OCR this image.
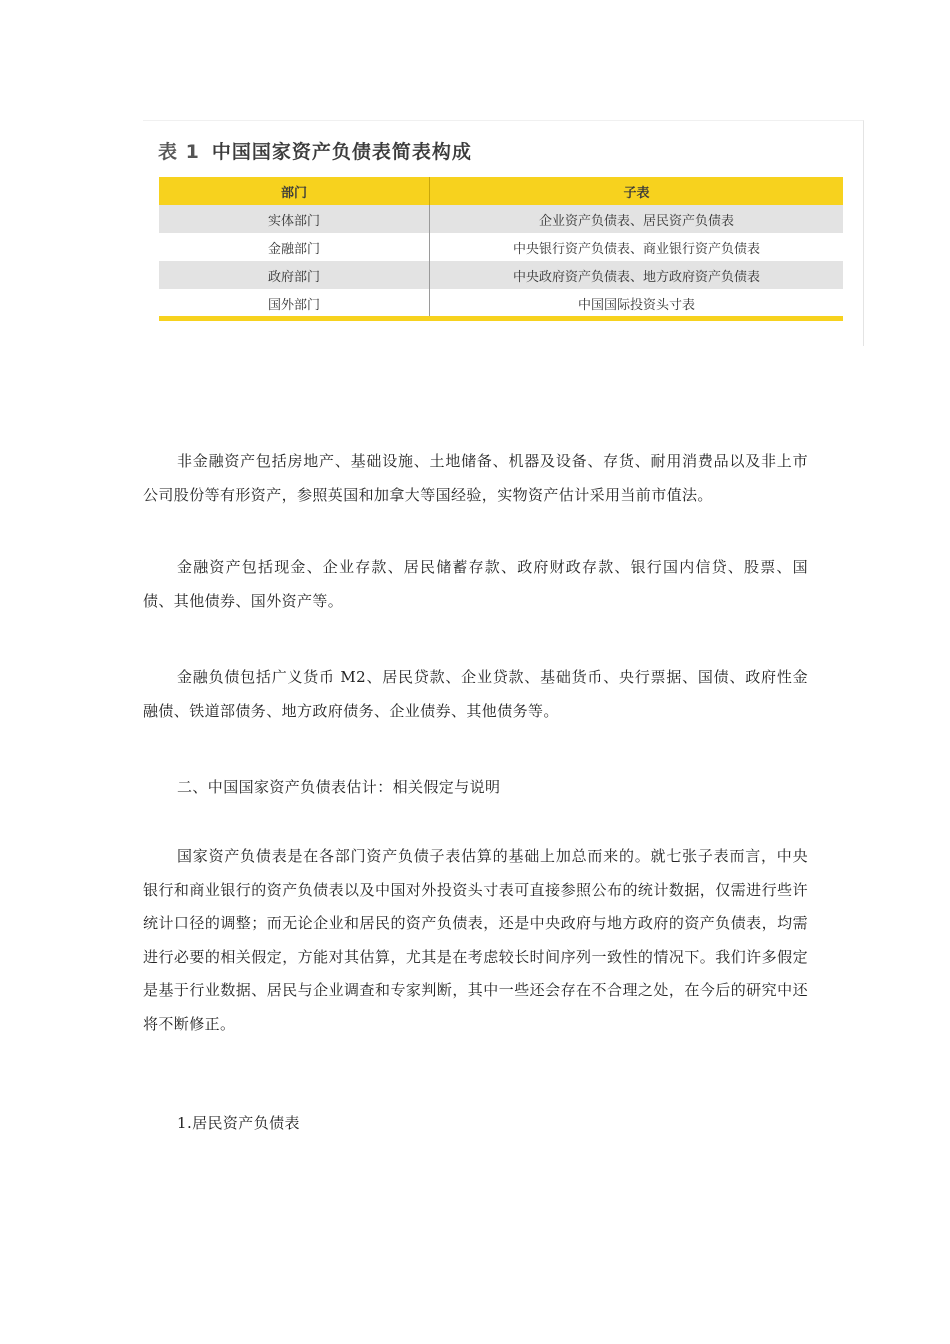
表 1 中国国家资产负债表简表构成
部门	子表
实体部门	企业资产负债表、居民资产负债表
金融部门	中央银行资产负债表、商业银行资产负债表
政府部门	中央政府资产负债表、地方政府资产负债表
国外部门	中国国际投资头寸表

非金融资产包括房地产、基础设施、土地储备、机器及设备、存货、耐用消费品以及非上市公司股份等有形资产，参照英国和加拿大等国经验，实物资产估计采用当前市值法。

金融资产包括现金、企业存款、居民储蓄存款、政府财政存款、银行国内信贷、股票、国债、其他债券、国外资产等。

金融负债包括广义货币 M2、居民贷款、企业贷款、基础货币、央行票据、国债、政府性金融债、铁道部债务、地方政府债务、企业债券、其他债务等。

二、中国国家资产负债表估计：相关假定与说明

国家资产负债表是在各部门资产负债子表估算的基础上加总而来的。就七张子表而言，中央银行和商业银行的资产负债表以及中国对外投资头寸表可直接参照公布的统计数据，仅需进行些许统计口径的调整；而无论企业和居民的资产负债表，还是中央政府与地方政府的资产负债表，均需进行必要的相关假定，方能对其估算，尤其是在考虑较长时间序列一致性的情况下。我们许多假定是基于行业数据、居民与企业调查和专家判断，其中一些还会存在不合理之处，在今后的研究中还将不断修正。

1.居民资产负债表
